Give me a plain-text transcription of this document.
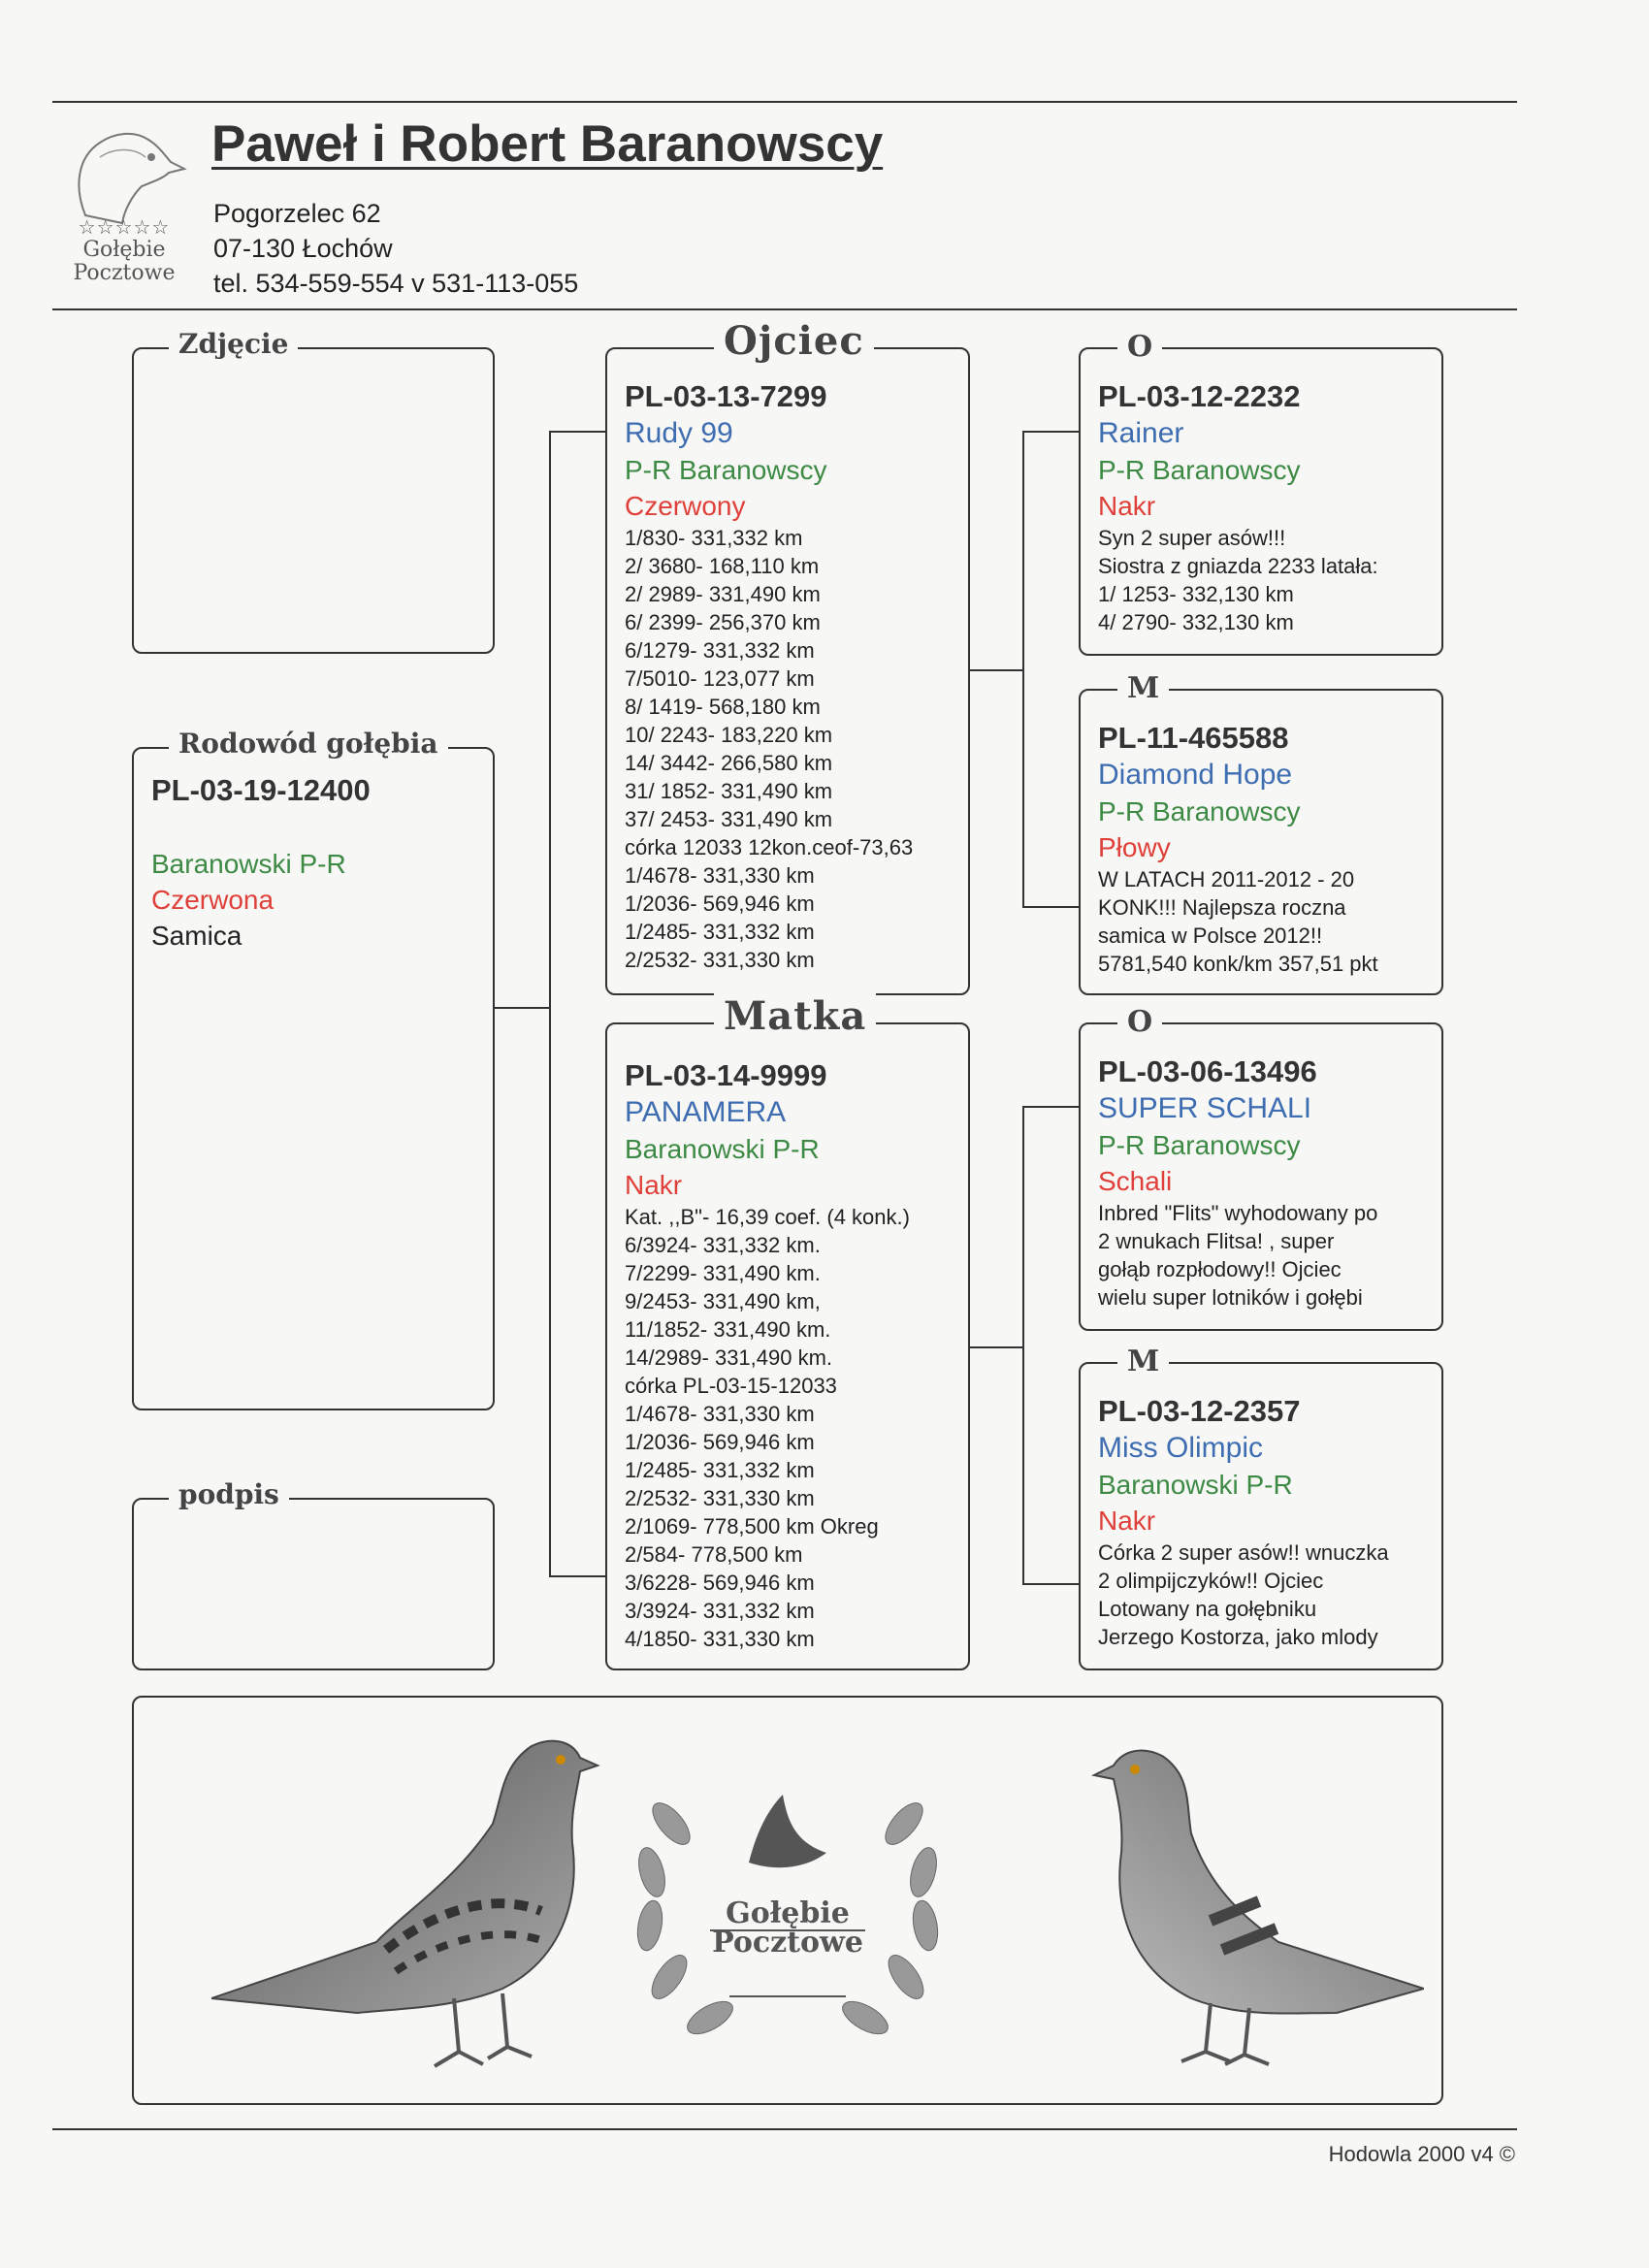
☆☆☆☆☆
Gołębie
Pocztowe
Paweł i Robert Baranowscy
Pogorzelec 62
07-130 Łochów
tel. 534-559-554 v 531-113-055
Zdjęcie
Rodowód gołębia
PL-03-19-12400
Baranowski P-R
Czerwona
Samica
podpis
Ojciec
PL-03-13-7299
Rudy 99
P-R Baranowscy
Czerwony
1/830- 331,332 km
2/ 3680- 168,110 km
2/ 2989- 331,490 km
6/ 2399- 256,370 km
6/1279- 331,332 km
7/5010- 123,077 km
8/ 1419- 568,180 km
10/ 2243- 183,220 km
14/ 3442- 266,580 km
31/ 1852- 331,490 km
37/ 2453- 331,490 km
córka 12033 12kon.ceof-73,63
1/4678- 331,330 km
1/2036- 569,946 km
1/2485- 331,332 km
2/2532- 331,330 km
Matka
PL-03-14-9999
PANAMERA
Baranowski P-R
Nakr
Kat. ,,B"- 16,39 coef. (4 konk.)
6/3924- 331,332 km.
7/2299- 331,490 km.
9/2453- 331,490 km,
11/1852- 331,490 km.
14/2989- 331,490 km.
córka PL-03-15-12033
1/4678- 331,330 km
1/2036- 569,946 km
1/2485- 331,332 km
2/2532- 331,330 km
2/1069- 778,500 km Okreg
2/584- 778,500 km
3/6228- 569,946 km
3/3924- 331,332 km
4/1850- 331,330 km
O
PL-03-12-2232
Rainer
P-R Baranowscy
Nakr
Syn 2 super asów!!!
Siostra z gniazda 2233 latała:
1/ 1253- 332,130 km
4/ 2790- 332,130 km
M
PL-11-465588
Diamond Hope
P-R Baranowscy
Płowy
W LATACH 2011-2012 - 20
KONK!!! Najlepsza roczna
samica w Polsce 2012!!
5781,540 konk/km 357,51 pkt
O
PL-03-06-13496
SUPER SCHALI
P-R Baranowscy
Schali
Inbred "Flits" wyhodowany po
2 wnukach Flitsa! , super
gołąb rozpłodowy!! Ojciec
wielu super lotników i gołębi
M
PL-03-12-2357
Miss Olimpic
Baranowski P-R
Nakr
Córka 2 super asów!! wnuczka
2 olimpijczyków!! Ojciec
Lotowany na gołębniku
Jerzego Kostorza, jako mlody
Gołębie
Pocztowe
Hodowla 2000 v4 ©
